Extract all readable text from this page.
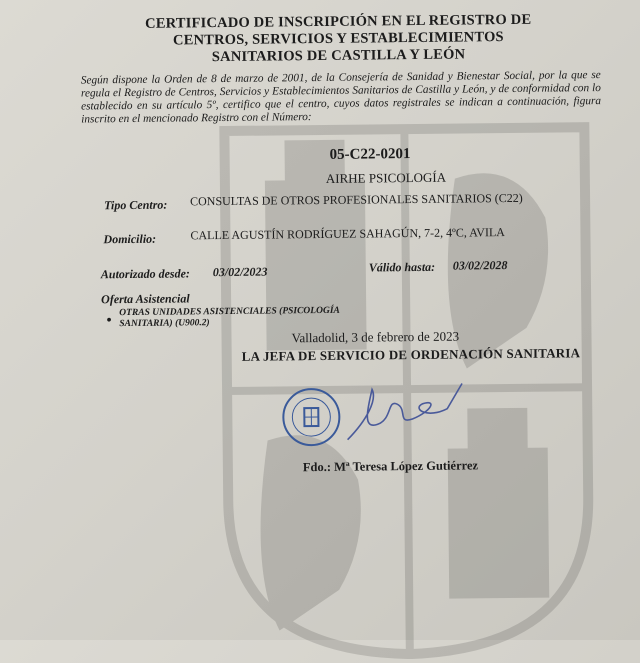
CERTIFICADO DE INSCRIPCIÓN EN EL REGISTRO DE
CENTROS, SERVICIOS Y ESTABLECIMIENTOS
SANITARIOS DE CASTILLA Y LEÓN
Según dispone la Orden de 8 de marzo de 2001, de la Consejería de Sanidad y Bienestar Social, por la que se regula el Registro de Centros, Servicios y Establecimientos Sanitarios de Castilla y León, y de conformidad con lo establecido en su artículo 5º, certifico que el centro, cuyos datos registrales se indican a continuación, figura inscrito en el mencionado Registro con el Número:
05-C22-0201
AIRHE PSICOLOGÍA
Tipo Centro: CONSULTAS DE OTROS PROFESIONALES SANITARIOS (C22)
Domicilio:	CALLE AGUSTÍN RODRÍGUEZ SAHAGÚN, 7-2, 4ºC, AVILA
Autorizado desde: 03/02/2023	Válido hasta: 03/02/2028
Oferta Asistencial
●
OTRAS UNIDADES ASISTENCIALES (PSICOLOGÍA SANITARIA) (U900.2)
Valladolid, 3 de febrero de 2023
LA JEFA DE SERVICIO DE ORDENACIÓN SANITARIA
Fdo.: Mª Teresa López Gutiérrez
